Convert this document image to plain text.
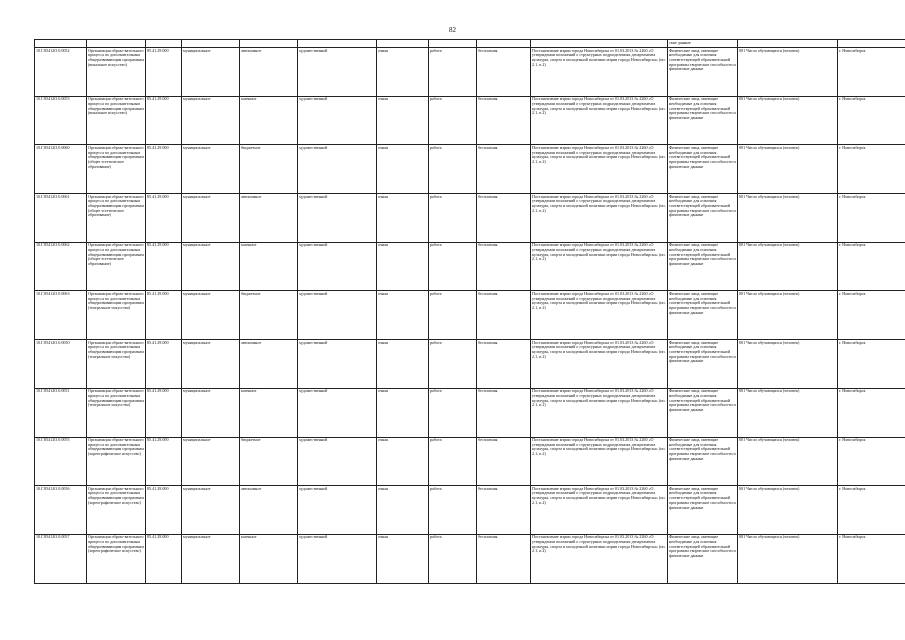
82
										ские данные		
10.Г.85412О.0.0052	Организация образо-вательного процесса по дополнительным общеразвивающим программам (вокальное искусство)	85.41.29.000	муниципальное	автономное	художественной	очная	работа	бесплатная	Постановление мэрии города Новосибирска от 01.03.2013 № 2260 «О утверждении положений о структурных подразделениях департамента культуры, спорта и молодежной политики мэрии города Новосибирска» (пп. 2.1, п.2)	Физические лица, имеющие необходимые для освоения соответствующей образовательной программы творческие способности и физические данные	001 Число обучающихся (человек)	г. Новосибирск
10.Г.85412О.0.0053	Организация образо-вательного процесса по дополнительным общеразвивающим программам (вокальное искусство)	85.41.29.000	муниципальное	казенное	художественной	очная	работа	бесплатная	Постановление мэрии города Новосибирска от 01.03.2013 № 2260 «О утверждении положений о структурных подразделениях департамента культуры, спорта и молодежной политики мэрии города Новосибирска» (пп. 2.1, п.2)	Физические лица, имеющие необходимые для освоения соответствующей образовательной программы творческие способности и физические данные	001 Число обучающихся (человек)	г. Новосибирск
10.Г.85412О.0.0060	Организация образо-вательного процесса по дополнительным общеразвивающим программам (общее эстетическое образование)	85.41.29.000	муниципальное	бюджетное	художественной	очная	работа	бесплатная	Постановление мэрии города Новосибирска от 01.03.2013 № 2260 «О утверждении положений о структурных подразделениях департамента культуры, спорта и молодежной политики мэрии города Новосибирска» (пп. 2.1, п.2)	Физические лица, имеющие необходимые для освоения соответствующей образовательной программы творческие способности и физические данные	001 Число обучающихся (человек)	г. Новосибирск
10.Г.85412О.0.0061	Организация образо-вательного процесса по дополнительным общеразвивающим программам (общее эстетическое образование)	85.41.29.000	муниципальное	автономное	художественной	очная	работа	бесплатная	Постановление мэрии города Новосибирска от 01.03.2013 № 2260 «О утверждении положений о структурных подразделениях департамента культуры, спорта и молодежной политики мэрии города Новосибирска» (пп. 2.1, п.2)	Физические лица, имеющие необходимые для освоения соответствующей образовательной программы творческие способности и физические данные	001 Число обучающихся (человек)	г. Новосибирск
10.Г.85412О.0.0062	Организация образо-вательного процесса по дополнительным общеразвивающим программам (общее эстетическое образование)	85.41.29.000	муниципальное	казенное	художественной	очная	работа	бесплатная	Постановление мэрии города Новосибирска от 01.03.2013 № 2260 «О утверждении положений о структурных подразделениях департамента культуры, спорта и молодежной политики мэрии города Новосибирска» (пп. 2.1, п.2)	Физические лица, имеющие необходимые для освоения соответствующей образовательной программы творческие способности и физические данные	001 Число обучающихся (человек)	г. Новосибирск
10.Г.85412О.0.0063	Организация образо-вательного процесса по дополнительным общеразвивающим программам (театральное искусство)	85.41.29.000	муниципальное	бюджетное	художественной	очная	работа	бесплатная	Постановление мэрии города Новосибирска от 01.03.2013 № 2260 «О утверждении положений о структурных подразделениях департамента культуры, спорта и молодежной политики мэрии города Новосибирска» (пп. 2.1, п.2)	Физические лица, имеющие необходимые для освоения соответствующей образовательной программы творческие способности и физические данные	001 Число обучающихся (человек)	г. Новосибирск
10.Г.85412О.0.0050	Организация образо-вательного процесса по дополнительным общеразвивающим программам (театральное искусство)	85.41.29.000	муниципальное	автономное	художественной	очная	работа	бесплатная	Постановление мэрии города Новосибирска от 01.03.2013 № 2260 «О утверждении положений о структурных подразделениях департамента культуры, спорта и молодежной политики мэрии города Новосибирска» (пп. 2.1, п.2)	Физические лица, имеющие необходимые для освоения соответствующей образовательной программы творческие способности и физические данные	001 Число обучающихся (человек)	г. Новосибирск
10.Г.85412О.0.0051	Организация образо-вательного процесса по дополнительным общеразвивающим программам (театральное искусство)	85.41.29.000	муниципальное	казенное	художественной	очная	работа	бесплатная	Постановление мэрии города Новосибирска от 01.03.2013 № 2260 «О утверждении положений о структурных подразделениях департамента культуры, спорта и молодежной политики мэрии города Новосибирска» (пп. 2.1, п.2)	Физические лица, имеющие необходимые для освоения соответствующей образовательной программы творческие способности и физические данные	001 Число обучающихся (человек)	г. Новосибирск
10.Г.85412О.0.0055	Организация образо-вательного процесса по дополнительным общеразвивающим программам (хореографическое искусство)	85.41.29.000	муниципальное	бюджетное	художественной	очная	работа	бесплатная	Постановление мэрии города Новосибирска от 01.03.2013 № 2260 «О утверждении положений о структурных подразделениях департамента культуры, спорта и молодежной политики мэрии города Новосибирска» (пп. 2.1, п.2)	Физические лица, имеющие необходимые для освоения соответствующей образовательной программы творческие способности и физические данные	001 Число обучающихся (человек)	г. Новосибирск
10.Г.85412О.0.0056	Организация образо-вательного процесса по дополнительным общеразвивающим программам (хореографическое искусство)	85.41.29.000	муниципальное	автономное	художественной	очная	работа	бесплатная	Постановление мэрии города Новосибирска от 01.03.2013 № 2260 «О утверждении положений о структурных подразделениях департамента культуры, спорта и молодежной политики мэрии города Новосибирска» (пп. 2.1, п.2)	Физические лица, имеющие необходимые для освоения соответствующей образовательной программы творческие способности и физические данные	001 Число обучающихся (человек)	г. Новосибирск
10.Г.85412О.0.0057	Организация образо-вательного процесса по дополнительным общеразвивающим программам (хореографическое искусство)	85.41.29.000	муниципальное	казенное	художественной	очная	работа	бесплатная	Постановление мэрии города Новосибирска от 01.03.2013 № 2260 «О утверждении положений о структурных подразделениях департамента культуры, спорта и молодежной политики мэрии города Новосибирска» (пп. 2.1, п.2)	Физические лица, имеющие необходимые для освоения соответствующей образовательной программы творческие способности и физические данные	001 Число обучающихся (человек)	г. Новосибирск
